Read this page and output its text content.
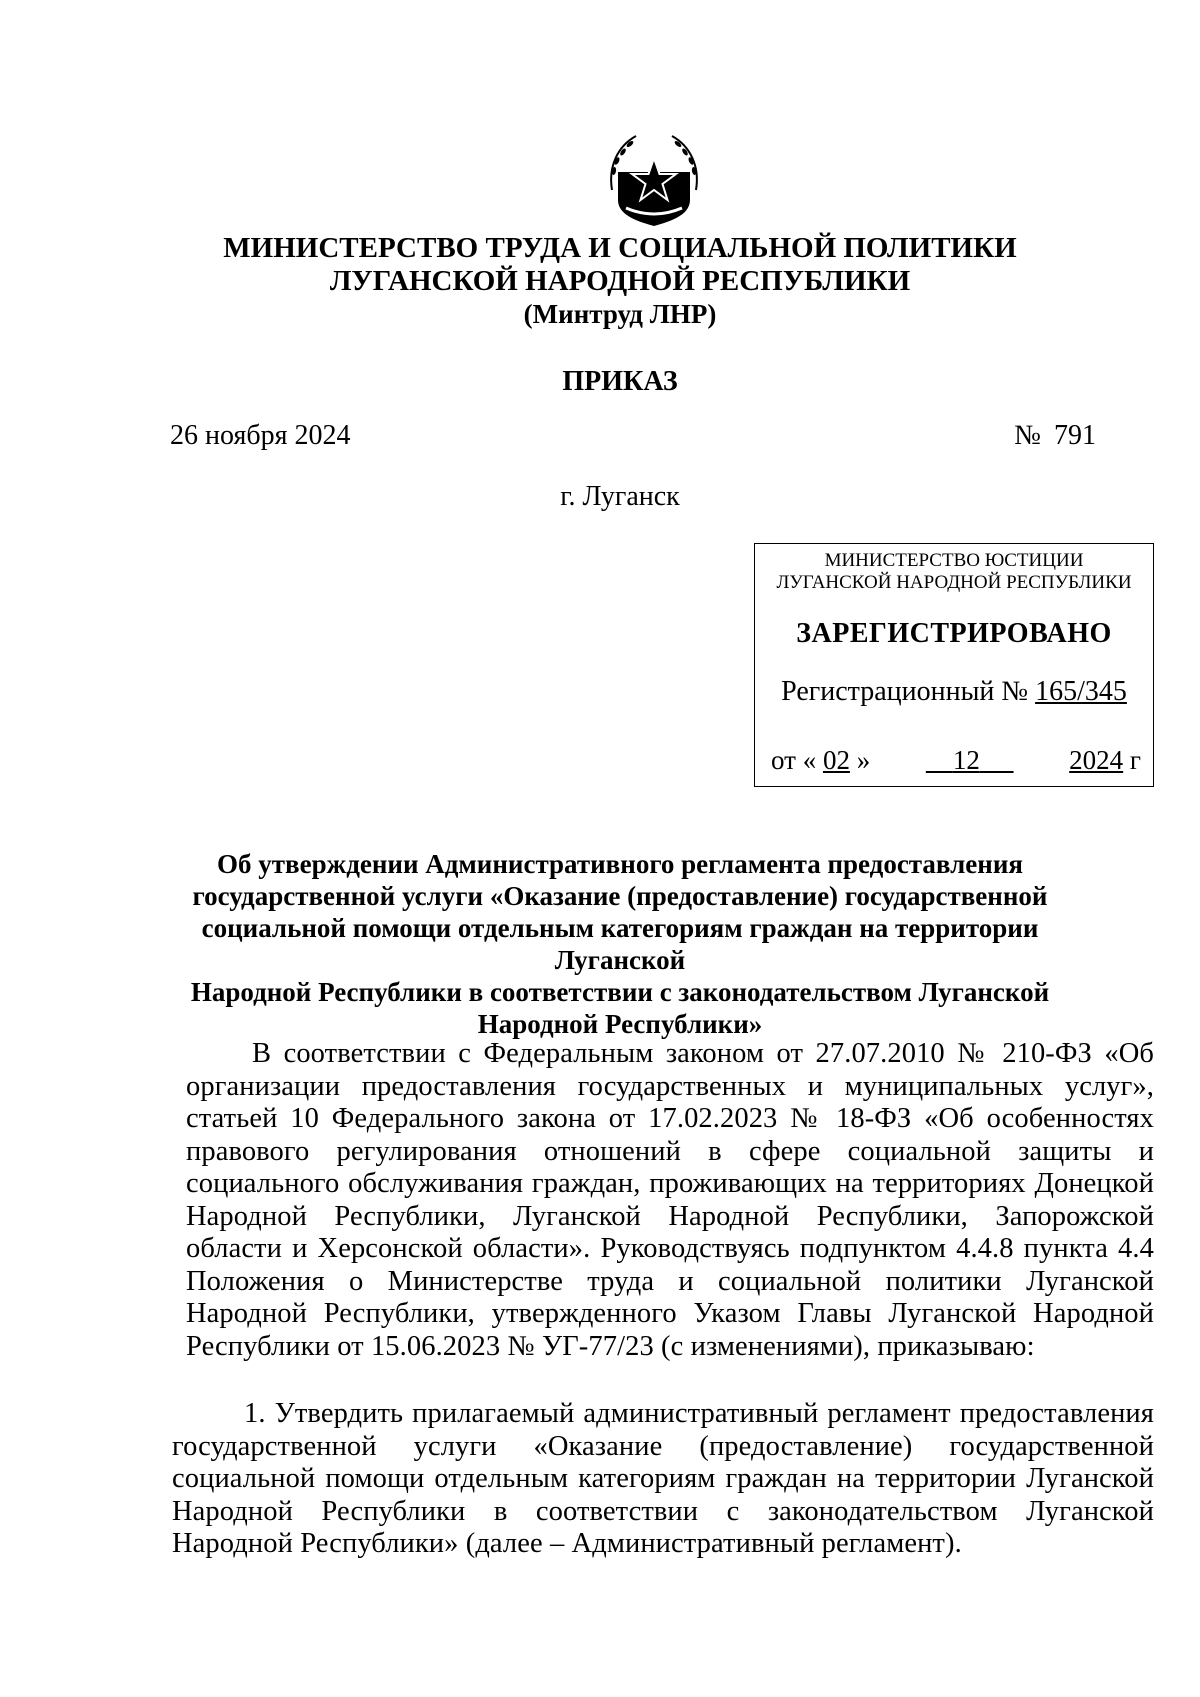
МИНИСТЕРСТВО ТРУДА И СОЦИАЛЬНОЙ ПОЛИТИКИ
ЛУГАНСКОЙ НАРОДНОЙ РЕСПУБЛИКИ
(Минтруд ЛНР)
ПРИКАЗ
26 ноября 2024	№ 791
г. Луганск
МИНИСТЕРСТВО ЮСТИЦИИ
ЛУГАНСКОЙ НАРОДНОЙ РЕСПУБЛИКИ
ЗАРЕГИСТРИРОВАНО
Регистрационный № 165/345
от « 02 »	12	2024 г
Об утверждении Административного регламента предоставления
государственной услуги «Оказание (предоставление) государственной
социальной помощи отдельным категориям граждан на территории Луганской
Народной Республики в соответствии с законодательством Луганской
Народной Республики»
В соответствии с Федеральным законом от 27.07.2010 № 210-ФЗ «Об организации предоставления государственных и муниципальных услуг», статьей 10 Федерального закона от 17.02.2023 № 18-ФЗ «Об особенностях правового регулирования отношений в сфере социальной защиты и социального обслуживания граждан, проживающих на территориях Донецкой Народной Республики, Луганской Народной Республики, Запорожской области и Херсонской области». Руководствуясь подпунктом 4.4.8 пункта 4.4 Положения о Министерстве труда и социальной политики Луганской Народной Республики, утвержденного Указом Главы Луганской Народной Республики от 15.06.2023 № УГ-77/23 (с изменениями), приказываю:
1. Утвердить прилагаемый административный регламент предоставления государственной услуги «Оказание (предоставление) государственной социальной помощи отдельным категориям граждан на территории Луганской Народной Республики в соответствии с законодательством Луганской Народной Республики» (далее – Административный регламент).
